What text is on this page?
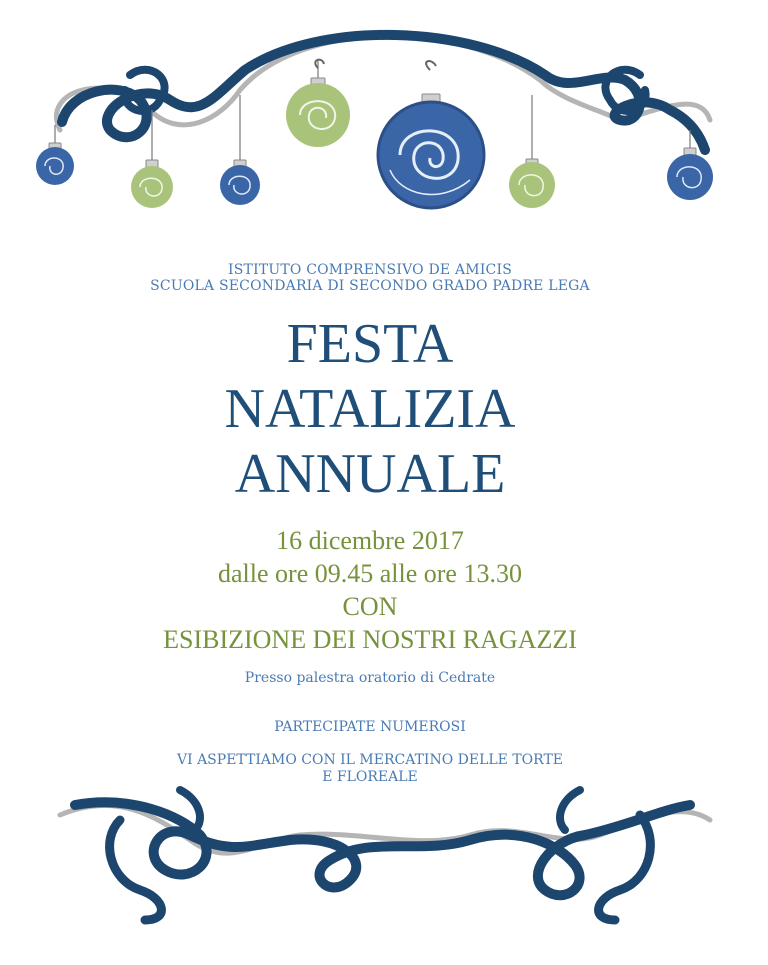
ISTITUTO COMPRENSIVO DE AMICIS
SCUOLA SECONDARIA DI SECONDO GRADO PADRE LEGA
FESTA
NATALIZIA
ANNUALE
16 dicembre 2017
dalle ore 09.45 alle ore 13.30
CON
ESIBIZIONE DEI NOSTRI RAGAZZI
Presso palestra oratorio di Cedrate
PARTECIPATE NUMEROSI
VI ASPETTIAMO CON IL MERCATINO DELLE TORTE
E FLOREALE
